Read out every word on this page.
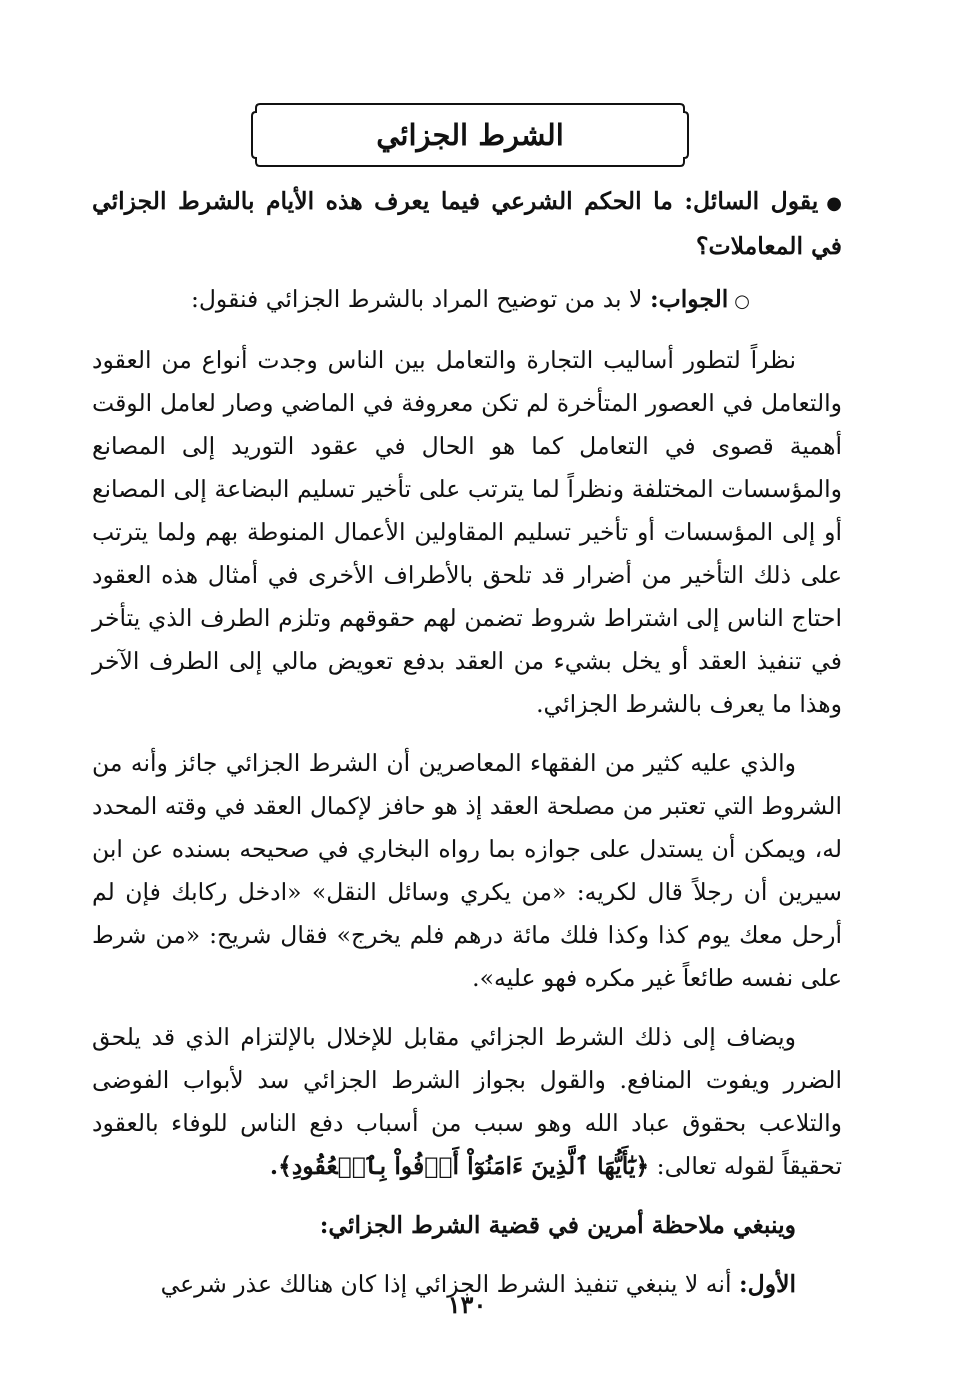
الشرط الجزائي

●يقول السائل: ما الحكم الشرعي فيما يعرف هذه الأيام بالشرط الجزائي في المعاملات؟

○الجواب: لا بد من توضيح المراد بالشرط الجزائي فنقول:

نظراً لتطور أساليب التجارة والتعامل بين الناس وجدت أنواع من العقود والتعامل في العصور المتأخرة لم تكن معروفة في الماضي وصار لعامل الوقت أهمية قصوى في التعامل كما هو الحال في عقود التوريد إلى المصانع والمؤسسات المختلفة ونظراً لما يترتب على تأخير تسليم البضاعة إلى المصانع أو إلى المؤسسات أو تأخير تسليم المقاولين الأعمال المنوطة بهم ولما يترتب على ذلك التأخير من أضرار قد تلحق بالأطراف الأخرى في أمثال هذه العقود احتاج الناس إلى اشتراط شروط تضمن لهم حقوقهم وتلزم الطرف الذي يتأخر في تنفيذ العقد أو يخل بشيء من العقد بدفع تعويض مالي إلى الطرف الآخر وهذا ما يعرف بالشرط الجزائي.

والذي عليه كثير من الفقهاء المعاصرين أن الشرط الجزائي جائز وأنه من الشروط التي تعتبر من مصلحة العقد إذ هو حافز لإكمال العقد في وقته المحدد له، ويمكن أن يستدل على جوازه بما رواه البخاري في صحيحه بسنده عن ابن سيرين أن رجلاً قال لكريه: «من يكري وسائل النقل» «ادخل ركابك فإن لم أرحل معك يوم كذا وكذا فلك مائة درهم فلم يخرج» فقال شريح: «من شرط على نفسه طائعاً غير مكره فهو عليه».

ويضاف إلى ذلك الشرط الجزائي مقابل للإخلال بالإلتزام الذي قد يلحق الضرر ويفوت المنافع. والقول بجواز الشرط الجزائي سد لأبواب الفوضى والتلاعب بحقوق عباد الله وهو سبب من أسباب دفع الناس للوفاء بالعقود تحقيقاً لقوله تعالى: ﴿يَٰٓأَيُّهَا ٱلَّذِينَ ءَامَنُوٓاْ أَوۡفُواْ بِٱلۡعُقُودِ﴾.

وينبغي ملاحظة أمرين في قضية الشرط الجزائي:

الأول: أنه لا ينبغي تنفيذ الشرط الجزائي إذا كان هنالك عذر شرعي

١٣٠
